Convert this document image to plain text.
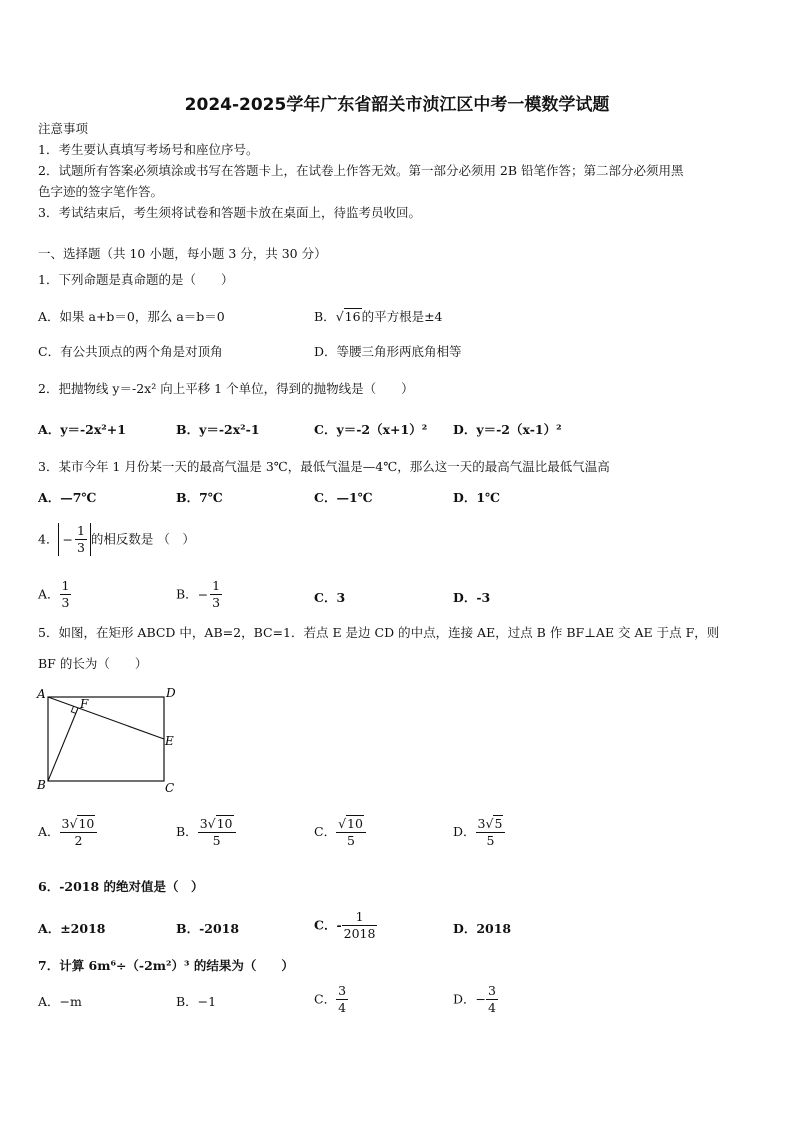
2024-2025学年广东省韶关市浈江区中考一模数学试题
注意事项
1．考生要认真填写考场号和座位序号。
2．试题所有答案必须填涂或书写在答题卡上，在试卷上作答无效。第一部分必须用 2B 铅笔作答；第二部分必须用黑
色字迹的签字笔作答。
3．考试结束后，考生须将试卷和答题卡放在桌面上，待监考员收回。
一、选择题（共 10 小题，每小题 3 分，共 30 分）
1．下列命题是真命题的是（　　）
A．如果 a+b＝0，那么 a＝b＝0	B．√16的平方根是±4
C．有公共顶点的两个角是对顶角	D．等腰三角形两底角相等
2．把抛物线 y＝-2x² 向上平移 1 个单位，得到的抛物线是（　　）
A．y＝-2x²+1	B．y＝-2x²-1	C．y＝-2（x+1）² D．y＝-2（x-1）²
3．某市今年 1 月份某一天的最高气温是 3℃，最低气温是—4℃，那么这一天的最高气温比最低气温高
A．—7℃	B．7℃	C．—1℃	D．1℃
4． − $\frac{1}{3}$ 的相反数是 （　）
A． $\frac{1}{3}$	B．− $\frac{1}{3}$	C．3	D．-3
5．如图，在矩形 ABCD 中，AB=2，BC=1．若点 E 是边 CD 的中点，连接 AE，过点 B 作 BF⊥AE 交 AE 于点 F，则
BF 的长为（　　）
A	D
E
F
B	C
A． $\frac{3√10}{2}$	B． $\frac{3√10}{5}$	C． $\frac{√10}{5}$	D． $\frac{3√5}{5}$
6．-2018 的绝对值是（　）
A．±2018	B．-2018	C．- $\frac{1}{2018}$	D．2018
7．计算 6m⁶÷（-2m²）³ 的结果为（　　）
A．−m	B．−1	C． $\frac{3}{4}$	D．− $\frac{3}{4}$
